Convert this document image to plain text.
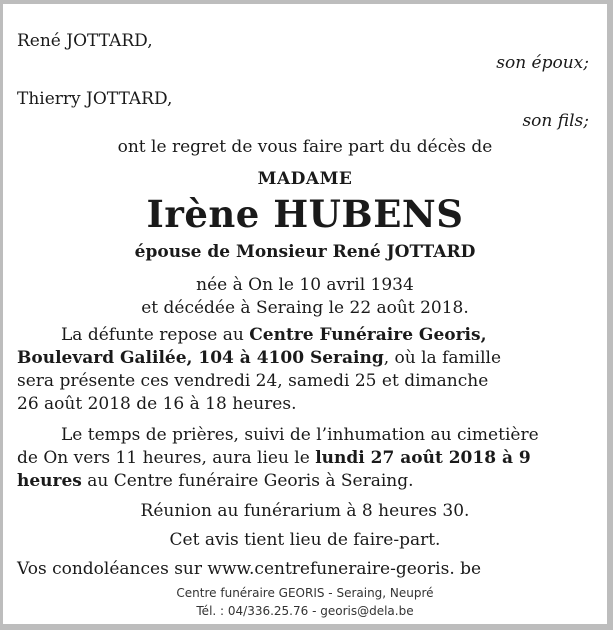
René JOTTARD,
son époux;
Thierry JOTTARD,
son fils;
ont le regret de vous faire part du décès de
MADAME
Irène HUBENS
épouse de Monsieur René JOTTARD
née à On le 10 avril 1934
et décédée à Seraing le 22 août 2018.
La défunte repose au Centre Funéraire Georis,
Boulevard Galilée, 104 à 4100 Seraing, où la famille
sera présente ces vendredi 24, samedi 25 et dimanche
26 août 2018 de 16 à 18 heures.
Le temps de prières, suivi de l’inhumation au cimetière
de On vers 11 heures, aura lieu le lundi 27 août 2018 à 9
heures au Centre funéraire Georis à Seraing.
Réunion au funérarium à 8 heures 30.
Cet avis tient lieu de faire-part.
Vos condoléances sur www.centrefuneraire-georis. be
Centre funéraire GEORIS - Seraing, Neupré
Tél. : 04/336.25.76 - georis@dela.be
